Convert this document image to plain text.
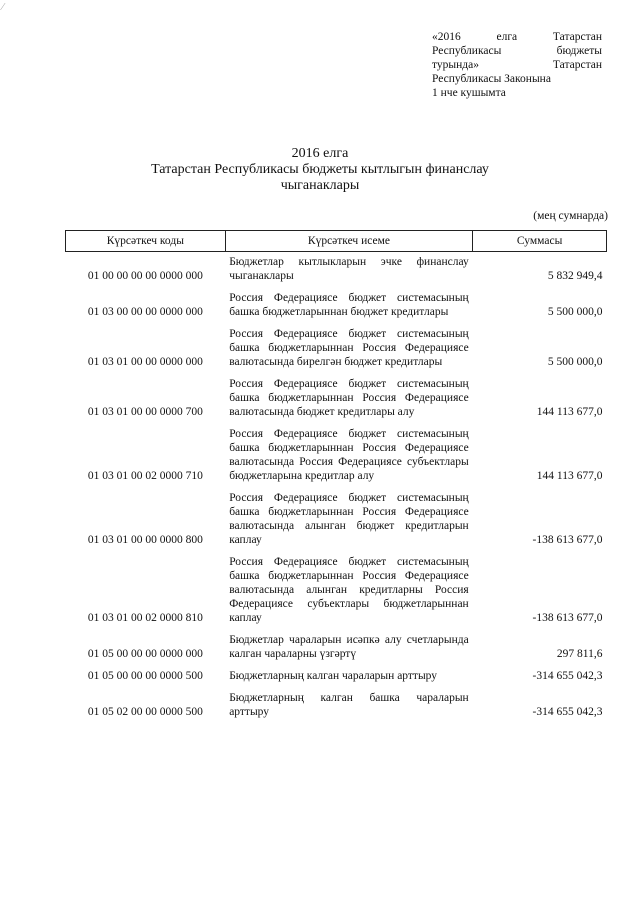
⁄
«2016 елга Татарстан
Республикасы бюджеты
турында» Татарстан
Республикасы Законына
1 нче кушымта
2016 елга
Татарстан Республикасы бюджеты кытлыгын финанслау
чыганаклары
(мең сумнарда)
Күрсәткеч коды	Күрсәткеч исеме	Суммасы
01 00 00 00 00 0000 000	Бюджетлар кытлыкларын эчке финанслау чыганаклары	5 832 949,4
01 03 00 00 00 0000 000	Россия Федерациясе бюджет системасының башка бюджетларыннан бюджет кредитлары	5 500 000,0
01 03 01 00 00 0000 000	Россия Федерациясе бюджет системасының башка бюджетларыннан Россия Федерациясе валютасында бирелгән бюджет кредитлары	5 500 000,0
01 03 01 00 00 0000 700	Россия Федерациясе бюджет системасының башка бюджетларыннан Россия Федерациясе валютасында бюджет кредитлары алу	144 113 677,0
01 03 01 00 02 0000 710	Россия Федерациясе бюджет системасының башка бюджетларыннан Россия Федерациясе валютасында Россия Федерациясе субъектлары бюджетларына кредитлар алу	144 113 677,0
01 03 01 00 00 0000 800	Россия Федерациясе бюджет системасының башка бюджетларыннан Россия Федерациясе валютасында алынган бюджет кредитларын каплау	-138 613 677,0
01 03 01 00 02 0000 810	Россия Федерациясе бюджет системасының башка бюджетларыннан Россия Федерациясе валютасында алынган кредитларны Россия Федерациясе субъектлары бюджетларыннан каплау	-138 613 677,0
01 05 00 00 00 0000 000	Бюджетлар чараларын исәпкә алу счетларында калган чараларны үзгәртү	297 811,6
01 05 00 00 00 0000 500	Бюджетларның калган чараларын арттыру	-314 655 042,3
01 05 02 00 00 0000 500	Бюджетларның калган башка чараларын арттыру	-314 655 042,3
